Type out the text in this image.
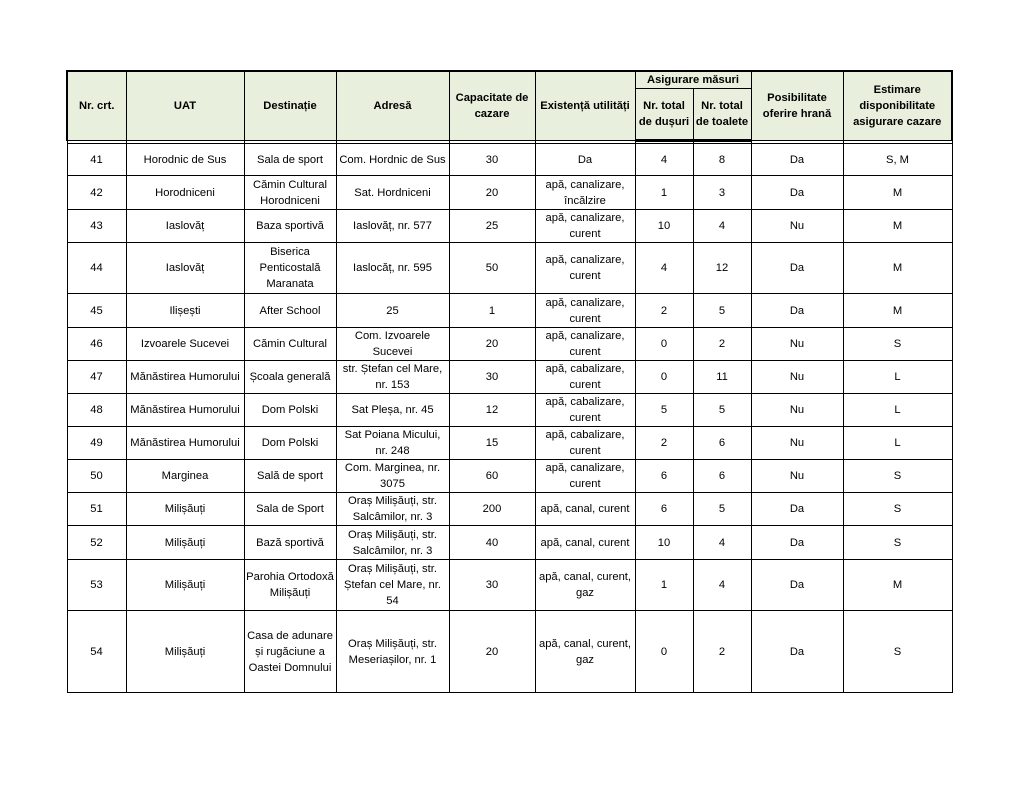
Nr. crt.	UAT	Destinație	Adresă	Capacitate de cazare	Existență utilități	Asigurare măsuri		Posibilitate oferire hrană	Estimare disponibilitate asigurare cazare
						Nr. total de dușuri	Nr. total de toalete		

41	Horodnic de Sus	Sala de sport	Com. Hordnic de Sus	30	Da	4	8	Da	S, M
42	Horodniceni	Cămin Cultural Horodniceni	Sat. Hordniceni	20	apă, canalizare, încălzire	1	3	Da	M
43	Iaslovăț	Baza sportivă	Iaslovăț, nr. 577	25	apă, canalizare, curent	10	4	Nu	M
44	Iaslovăț	Biserica Penticostală Maranata	Iaslocăț, nr. 595	50	apă, canalizare, curent	4	12	Da	M
45	Ilișești	After School	25	1	apă, canalizare, curent	2	5	Da	M
46	Izvoarele Sucevei	Cămin Cultural	Com. Izvoarele Sucevei	20	apă, canalizare, curent	0	2	Nu	S
47	Mănăstirea Humorului	Școala generală	str. Ștefan cel Mare, nr. 153	30	apă, cabalizare, curent	0	11	Nu	L
48	Mănăstirea Humorului	Dom Polski	Sat Pleșa, nr. 45	12	apă, cabalizare, curent	5	5	Nu	L
49	Mănăstirea Humorului	Dom Polski	Sat Poiana Micului, nr. 248	15	apă, cabalizare, curent	2	6	Nu	L
50	Marginea	Sală de sport	Com. Marginea, nr. 3075	60	apă, canalizare, curent	6	6	Nu	S
51	Milișăuți	Sala de Sport	Oraș Milișăuți, str. Salcâmilor, nr. 3	200	apă, canal, curent	6	5	Da	S
52	Milișăuți	Bază sportivă	Oraș Milișăuți, str. Salcâmilor, nr. 3	40	apă, canal, curent	10	4	Da	S
53	Milișăuți	Parohia Ortodoxă Milișăuți	Oraș Milișăuți, str. Ștefan cel Mare, nr. 54	30	apă, canal, curent, gaz	1	4	Da	M
54	Milișăuți	Casa de adunare și rugăciune a Oastei Domnului	Oraș Milișăuți, str. Meseriașilor, nr. 1	20	apă, canal, curent, gaz	0	2	Da	S
